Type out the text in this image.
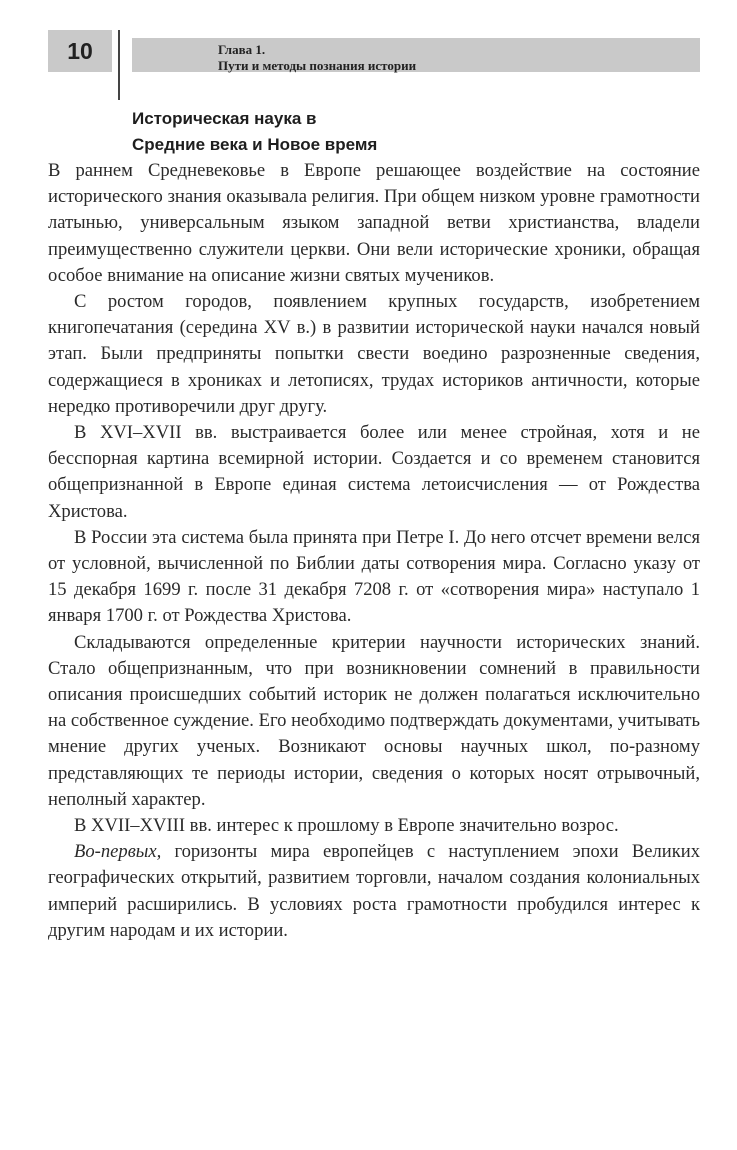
10	Глава 1.
Пути и методы познания истории
Историческая наука в
Средние века и Новое время

В раннем Средневековье в Европе решающее воздействие на состояние исторического знания оказывала религия. При общем низком уровне грамотности латынью, универсальным языком западной ветви христианства, владели преимущественно служители церкви. Они вели исторические хроники, обращая особое внимание на описание жизни святых мучеников.

С ростом городов, появлением крупных государств, изобретением книгопечатания (середина XV в.) в развитии исторической науки начался новый этап. Были предприняты попытки свести воедино разрозненные сведения, содержащиеся в хрониках и летописях, трудах историков античности, которые нередко противоречили друг другу.

В XVI–XVII вв. выстраивается более или менее стройная, хотя и не бесспорная картина всемирной истории. Создается и со временем становится общепризнанной в Европе единая система летоисчисления — от Рождества Христова.

В России эта система была принята при Петре I. До него отсчет времени велся от условной, вычисленной по Библии даты сотворения мира. Согласно указу от 15 декабря 1699 г. после 31 декабря 7208 г. от «сотворения мира» наступало 1 января 1700 г. от Рождества Христова.

Складываются определенные критерии научности исторических знаний. Стало общепризнанным, что при возникновении сомнений в правильности описания происшедших событий историк не должен полагаться исключительно на собственное суждение. Его необходимо подтверждать документами, учитывать мнение других ученых. Возникают основы научных школ, по-разному представляющих те периоды истории, сведения о которых носят отрывочный, неполный характер.

В XVII–XVIII вв. интерес к прошлому в Европе значительно возрос.

Во-первых, горизонты мира европейцев с наступлением эпохи Великих географических открытий, развитием торговли, началом создания колониальных империй расширились. В условиях роста грамотности пробудился интерес к другим народам и их истории.
